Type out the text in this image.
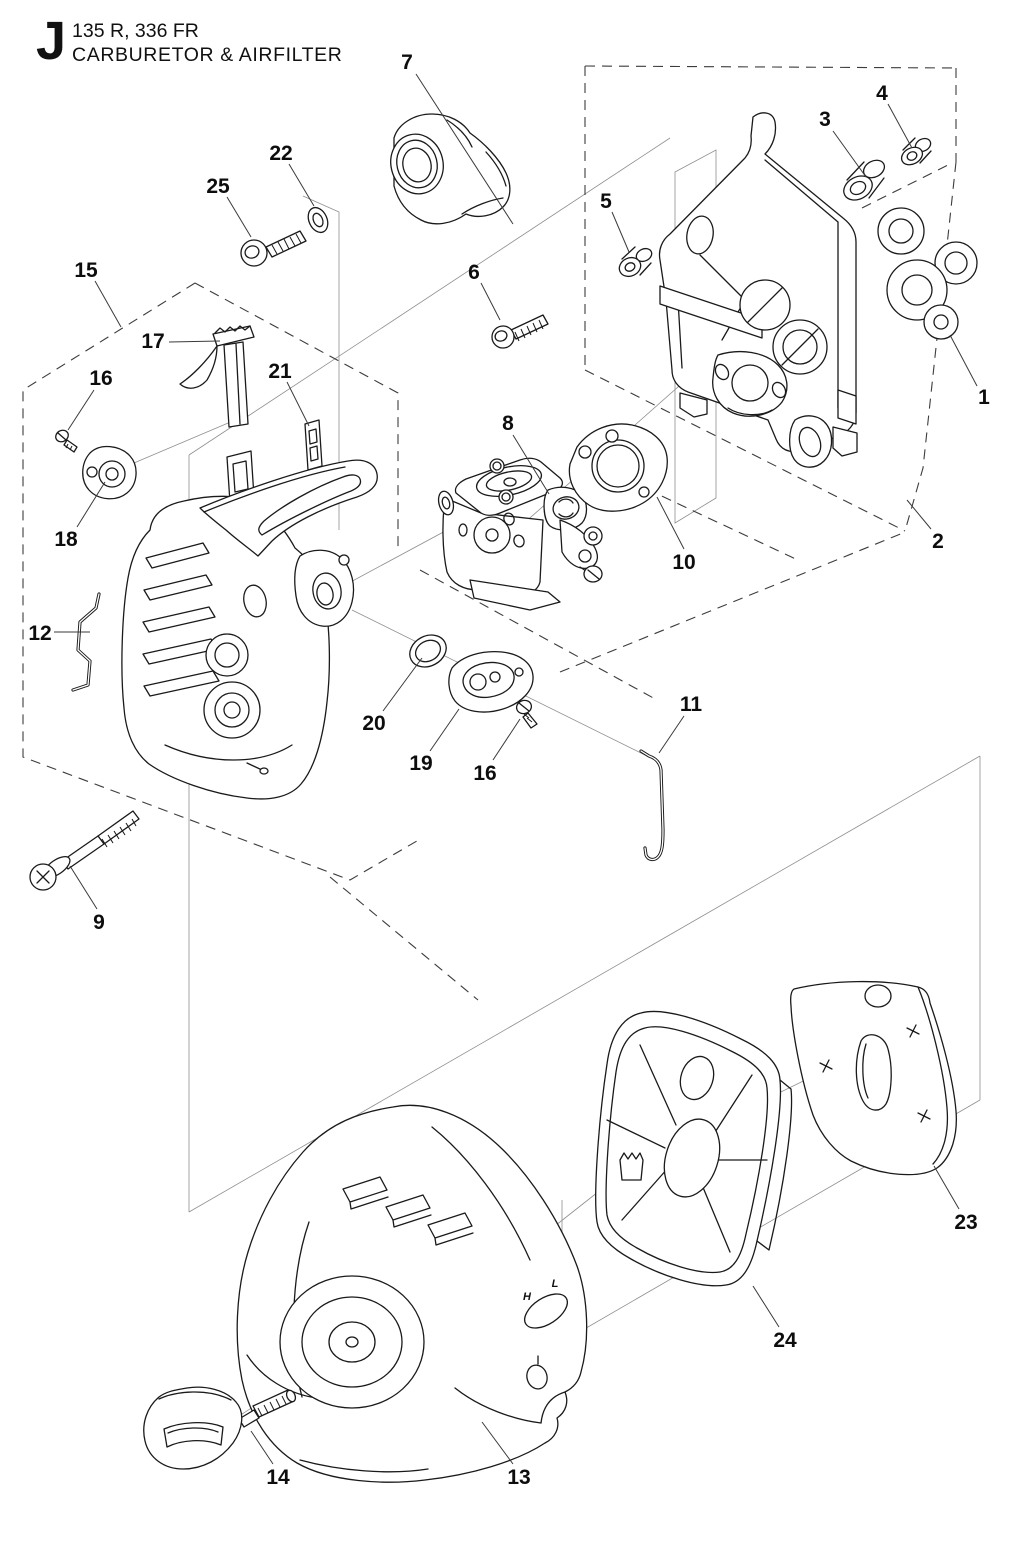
J 135 R, 336 FR
CARBURETOR & AIRFILTER
H
L
7
22
25
4
3
5
6
15
17
16	21
8
1
2
10
18
12
20
19 16
11
9
23
24
14	13
